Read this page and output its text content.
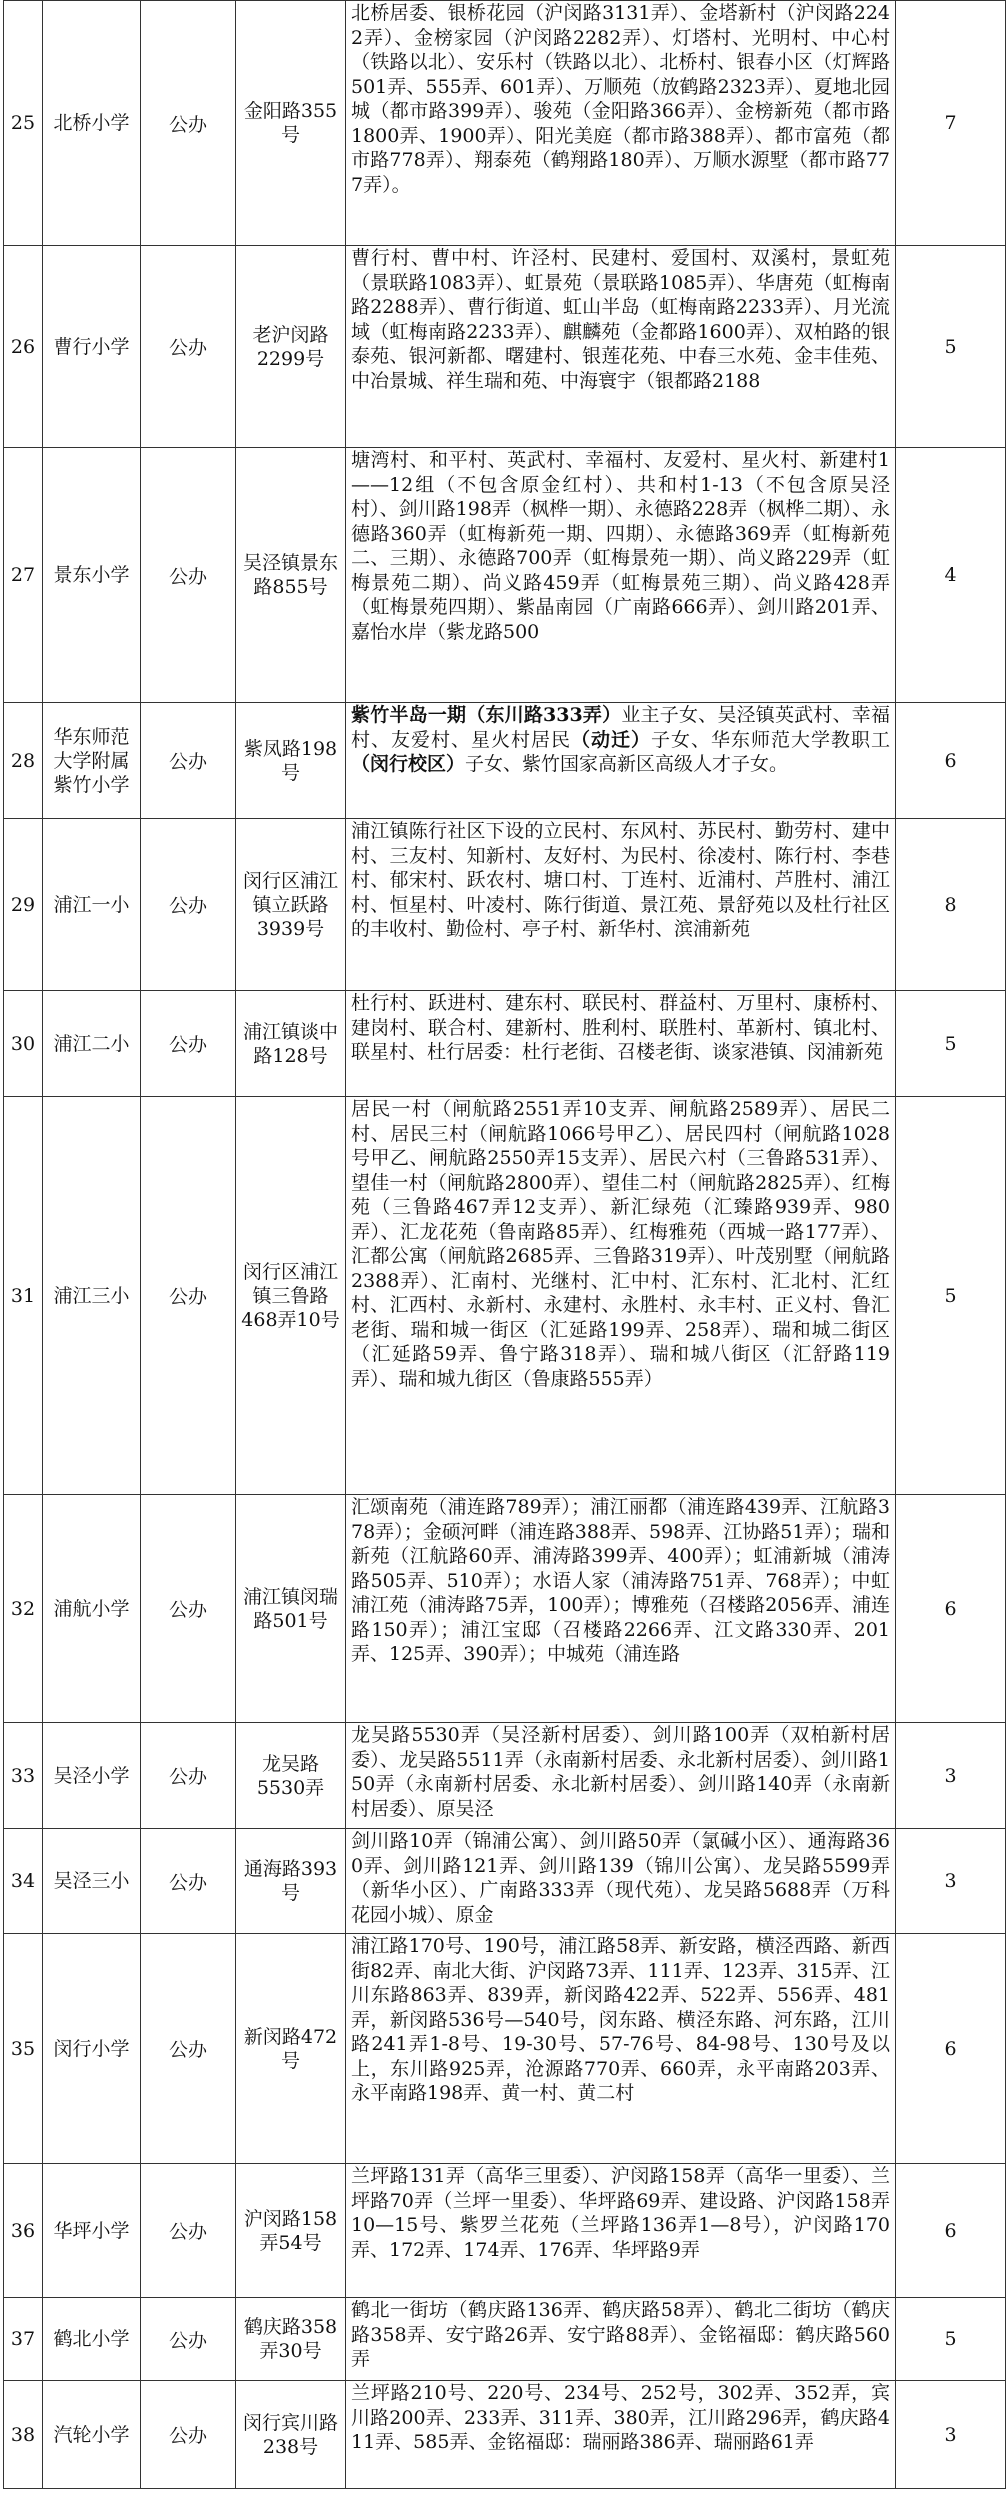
25	北桥小学	公办	金阳路355号	北桥居委、银桥花园（沪闵路3131弄）、金塔新村（沪闵路2242弄）、金榜家园（沪闵路2282弄）、灯塔村、光明村、中心村（铁路以北）、安乐村（铁路以北）、北桥村、银春小区（灯辉路501弄、555弄、601弄）、万顺苑（放鹤路2323弄）、夏地北园城（都市路399弄）、骏苑（金阳路366弄）、金榜新苑（都市路1800弄、1900弄）、阳光美庭（都市路388弄）、都市富苑（都市路778弄）、翔泰苑（鹤翔路180弄）、万顺水源墅（都市路777弄）。	7
26	曹行小学	公办	老沪闵路2299号	曹行村、曹中村、许泾村、民建村、爱国村、双溪村，景虹苑（景联路1083弄）、虹景苑（景联路1085弄）、华唐苑（虹梅南路2288弄）、曹行街道、虹山半岛（虹梅南路2233弄）、月光流域（虹梅南路2233弄）、麒麟苑（金都路1600弄）、双柏路的银泰苑、银河新都、曙建村、银莲花苑、中春三水苑、金丰佳苑、中冶景城、祥生瑞和苑、中海寰宇（银都路2188	5
27	景东小学	公办	吴泾镇景东路855号	塘湾村、和平村、英武村、幸福村、友爱村、星火村、新建村1——12组（不包含原金红村）、共和村1-13（不包含原吴泾村）、剑川路198弄（枫桦一期）、永德路228弄（枫桦二期）、永德路360弄（虹梅新苑一期、四期）、永德路369弄（虹梅新苑二、三期）、永德路700弄（虹梅景苑一期）、尚义路229弄（虹梅景苑二期）、尚义路459弄（虹梅景苑三期）、尚义路428弄（虹梅景苑四期）、紫晶南园（广南路666弄）、剑川路201弄、嘉怡水岸（紫龙路500	4
28	华东师范大学附属紫竹小学	公办	紫凤路198号	紫竹半岛一期（东川路333弄）业主子女、吴泾镇英武村、幸福村、友爱村、星火村居民（动迁）子女、华东师范大学教职工（闵行校区）子女、紫竹国家高新区高级人才子女。	6
29	浦江一小	公办	闵行区浦江镇立跃路3939号	浦江镇陈行社区下设的立民村、东风村、苏民村、勤劳村、建中村、三友村、知新村、友好村、为民村、徐凌村、陈行村、李巷村、郁宋村、跃农村、塘口村、丁连村、近浦村、芦胜村、浦江村、恒星村、叶凌村、陈行街道、景江苑、景舒苑以及杜行社区的丰收村、勤俭村、亭子村、新华村、滨浦新苑	8
30	浦江二小	公办	浦江镇谈中路128号	杜行村、跃进村、建东村、联民村、群益村、万里村、康桥村、建岗村、联合村、建新村、胜利村、联胜村、革新村、镇北村、联星村、杜行居委：杜行老街、召楼老街、谈家港镇、闵浦新苑	5
31	浦江三小	公办	闵行区浦江镇三鲁路468弄10号	居民一村（闸航路2551弄10支弄、闸航路2589弄）、居民二村、居民三村（闸航路1066号甲乙）、居民四村（闸航路1028号甲乙、闸航路2550弄15支弄）、居民六村（三鲁路531弄）、望佳一村（闸航路2800弄）、望佳二村（闸航路2825弄）、红梅苑（三鲁路467弄12支弄）、新汇绿苑（汇臻路939弄、980弄）、汇龙花苑（鲁南路85弄）、红梅雅苑（西城一路177弄）、汇都公寓（闸航路2685弄、三鲁路319弄）、叶茂别墅（闸航路2388弄）、汇南村、光继村、汇中村、汇东村、汇北村、汇红村、汇西村、永新村、永建村、永胜村、永丰村、正义村、鲁汇老街、瑞和城一街区（汇延路199弄、258弄）、瑞和城二街区（汇延路59弄、鲁宁路318弄）、瑞和城八街区（汇舒路119弄）、瑞和城九街区（鲁康路555弄）	5
32	浦航小学	公办	浦江镇闵瑞路501号	汇颂南苑（浦连路789弄）；浦江丽都（浦连路439弄、江航路378弄）；金硕河畔（浦连路388弄、598弄、江协路51弄）；瑞和新苑（江航路60弄、浦涛路399弄、400弄）；虹浦新城（浦涛路505弄、510弄）；水语人家（浦涛路751弄、768弄）；中虹浦江苑（浦涛路75弄，100弄）；博雅苑（召楼路2056弄、浦连路150弄）；浦江宝邸（召楼路2266弄、江文路330弄、201弄、125弄、390弄）；中城苑（浦连路	6
33	吴泾小学	公办	龙吴路5530弄	龙吴路5530弄（吴泾新村居委）、剑川路100弄（双柏新村居委）、龙吴路5511弄（永南新村居委、永北新村居委）、剑川路150弄（永南新村居委、永北新村居委）、剑川路140弄（永南新村居委）、原吴泾	3
34	吴泾三小	公办	通海路393号	剑川路10弄（锦浦公寓）、剑川路50弄（氯碱小区）、通海路360弄、剑川路121弄、剑川路139（锦川公寓）、龙吴路5599弄（新华小区）、广南路333弄（现代苑）、龙吴路5688弄（万科花园小城）、原金	3
35	闵行小学	公办	新闵路472号	浦江路170号、190号，浦江路58弄、新安路，横泾西路、新西街82弄、南北大街、沪闵路73弄、111弄、123弄、315弄、江川东路863弄、839弄，新闵路422弄、522弄、556弄、481弄，新闵路536号—540号，闵东路、横泾东路、河东路，江川路241弄1-8号、19-30号、57-76号、84-98号、130号及以上，东川路925弄，沧源路770弄、660弄，永平南路203弄、永平南路198弄、黄一村、黄二村	6
36	华坪小学	公办	沪闵路158弄54号	兰坪路131弄（高华三里委）、沪闵路158弄（高华一里委）、兰坪路70弄（兰坪一里委）、华坪路69弄、建设路、沪闵路158弄10—15号、紫罗兰花苑（兰坪路136弄1—8号），沪闵路170弄、172弄、174弄、176弄、华坪路9弄	6
37	鹤北小学	公办	鹤庆路358弄30号	鹤北一街坊（鹤庆路136弄、鹤庆路58弄）、鹤北二街坊（鹤庆路358弄、安宁路26弄、安宁路88弄）、金铭福邸：鹤庆路560弄	5
38	汽轮小学	公办	闵行宾川路238号	兰坪路210号、220号、234号、252号，302弄、352弄，宾川路200弄、233弄、311弄、380弄，江川路296弄，鹤庆路411弄、585弄、金铭福邸：瑞丽路386弄、瑞丽路61弄	3
